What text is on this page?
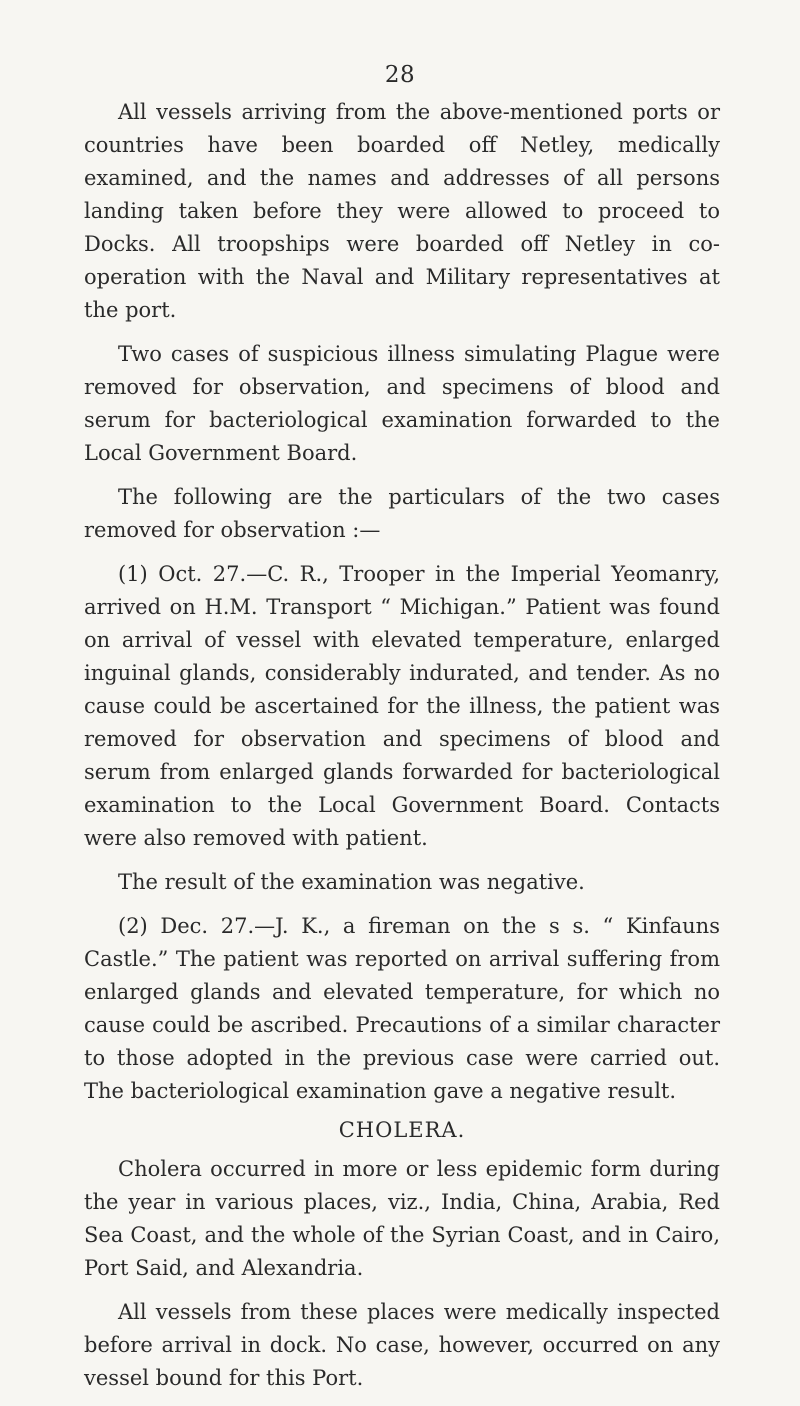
28

All vessels arriving from the above-mentioned ports or countries have been boarded off Netley, medically examined, and the names and addresses of all persons landing taken before they were allowed to proceed to Docks. All troopships were boarded off Netley in co-operation with the Naval and Military representatives at the port.

Two cases of suspicious illness simulating Plague were removed for observation, and specimens of blood and serum for bacteriological examination forwarded to the Local Government Board.

The following are the particulars of the two cases removed for observation :—

(1) Oct. 27.—C. R., Trooper in the Imperial Yeomanry, arrived on H.M. Transport “ Michigan.” Patient was found on arrival of vessel with elevated temperature, enlarged inguinal glands, considerably indurated, and tender. As no cause could be ascertained for the illness, the patient was removed for observation and specimens of blood and serum from enlarged glands forwarded for bacteriological examination to the Local Government Board. Contacts were also removed with patient.

The result of the examination was negative.

(2) Dec. 27.—J. K., a fireman on the s s. “ Kinfauns Castle.” The patient was reported on arrival suffering from enlarged glands and elevated temperature, for which no cause could be ascribed. Precautions of a similar character to those adopted in the previous case were carried out. The bacteriological examination gave a negative result.

CHOLERA.

Cholera occurred in more or less epidemic form during the year in various places, viz., India, China, Arabia, Red Sea Coast, and the whole of the Syrian Coast, and in Cairo, Port Said, and Alexandria.

All vessels from these places were medically inspected before arrival in dock. No case, however, occurred on any vessel bound for this Port.
